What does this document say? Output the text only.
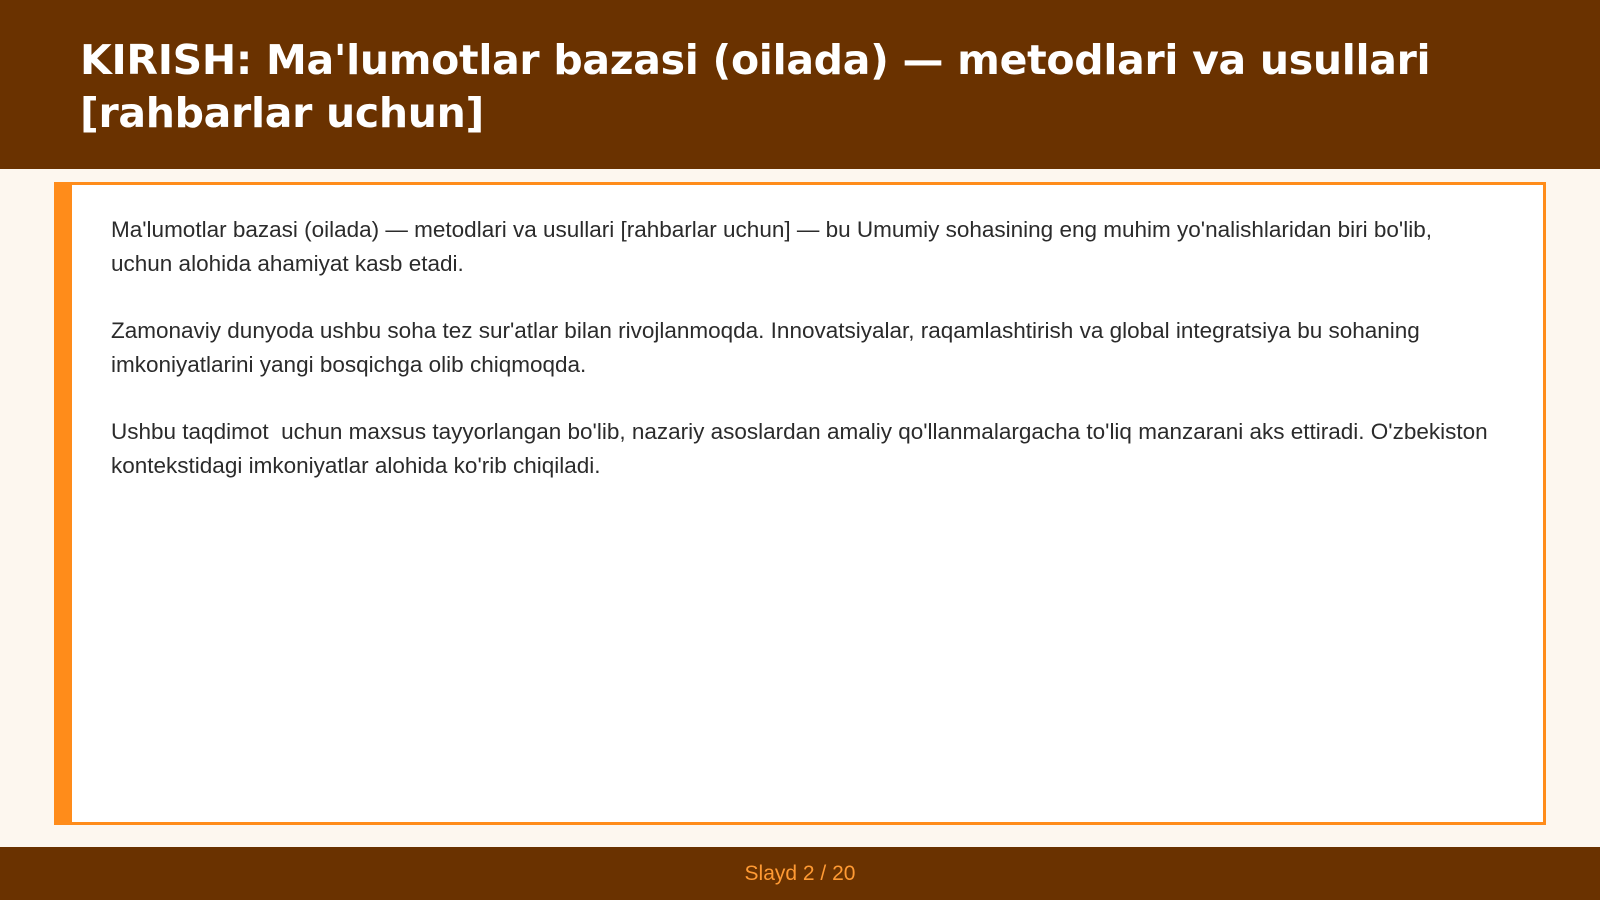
KIRISH: Ma'lumotlar bazasi (oilada) — metodlari va usullari [rahbarlar uchun]

Ma'lumotlar bazasi (oilada) — metodlari va usullari [rahbarlar uchun] — bu Umumiy sohasining eng muhim yo'nalishlaridan biri bo'lib,  uchun alohida ahamiyat kasb etadi.

Zamonaviy dunyoda ushbu soha tez sur'atlar bilan rivojlanmoqda. Innovatsiyalar, raqamlashtirish va global integratsiya bu sohaning imkoniyatlarini yangi bosqichga olib chiqmoqda.

Ushbu taqdimot  uchun maxsus tayyorlangan bo'lib, nazariy asoslardan amaliy qo'llanmalargacha to'liq manzarani aks ettiradi. O'zbekiston kontekstidagi imkoniyatlar alohida ko'rib chiqiladi.

Slayd 2 / 20
